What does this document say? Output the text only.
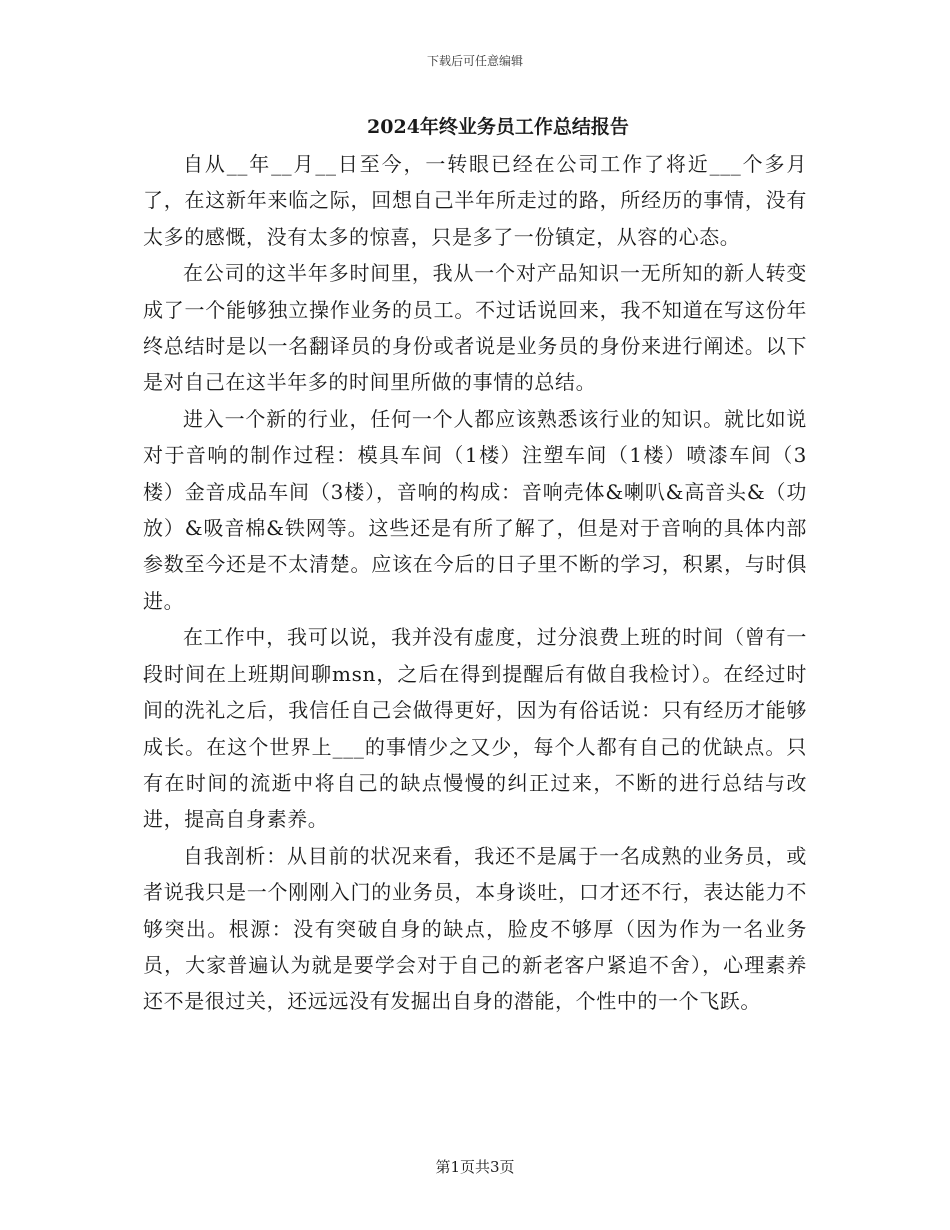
下载后可任意编辑
2024年终业务员工作总结报告

自从__年__月__日至今，一转眼已经在公司工作了将近___个多月了，在这新年来临之际，回想自己半年所走过的路，所经历的事情，没有太多的感慨，没有太多的惊喜，只是多了一份镇定，从容的心态。

在公司的这半年多时间里，我从一个对产品知识一无所知的新人转变成了一个能够独立操作业务的员工。不过话说回来，我不知道在写这份年终总结时是以一名翻译员的身份或者说是业务员的身份来进行阐述。以下是对自己在这半年多的时间里所做的事情的总结。

进入一个新的行业，任何一个人都应该熟悉该行业的知识。就比如说对于音响的制作过程：模具车间（1楼）注塑车间（1楼）喷漆车间（3楼）金音成品车间（3楼），音响的构成：音响壳体&喇叭&高音头&（功放）&吸音棉&铁网等。这些还是有所了解了，但是对于音响的具体内部参数至今还是不太清楚。应该在今后的日子里不断的学习，积累，与时俱进。

在工作中，我可以说，我并没有虚度，过分浪费上班的时间（曾有一段时间在上班期间聊msn，之后在得到提醒后有做自我检讨）。在经过时间的洗礼之后，我信任自己会做得更好，因为有俗话说：只有经历才能够成长。在这个世界上___的事情少之又少，每个人都有自己的优缺点。只有在时间的流逝中将自己的缺点慢慢的纠正过来，不断的进行总结与改进，提高自身素养。

自我剖析：从目前的状况来看，我还不是属于一名成熟的业务员，或者说我只是一个刚刚入门的业务员，本身谈吐，口才还不行，表达能力不够突出。根源：没有突破自身的缺点，脸皮不够厚（因为作为一名业务员，大家普遍认为就是要学会对于自己的新老客户紧追不舍），心理素养还不是很过关，还远远没有发掘出自身的潜能，个性中的一个飞跃。

第1页共3页
